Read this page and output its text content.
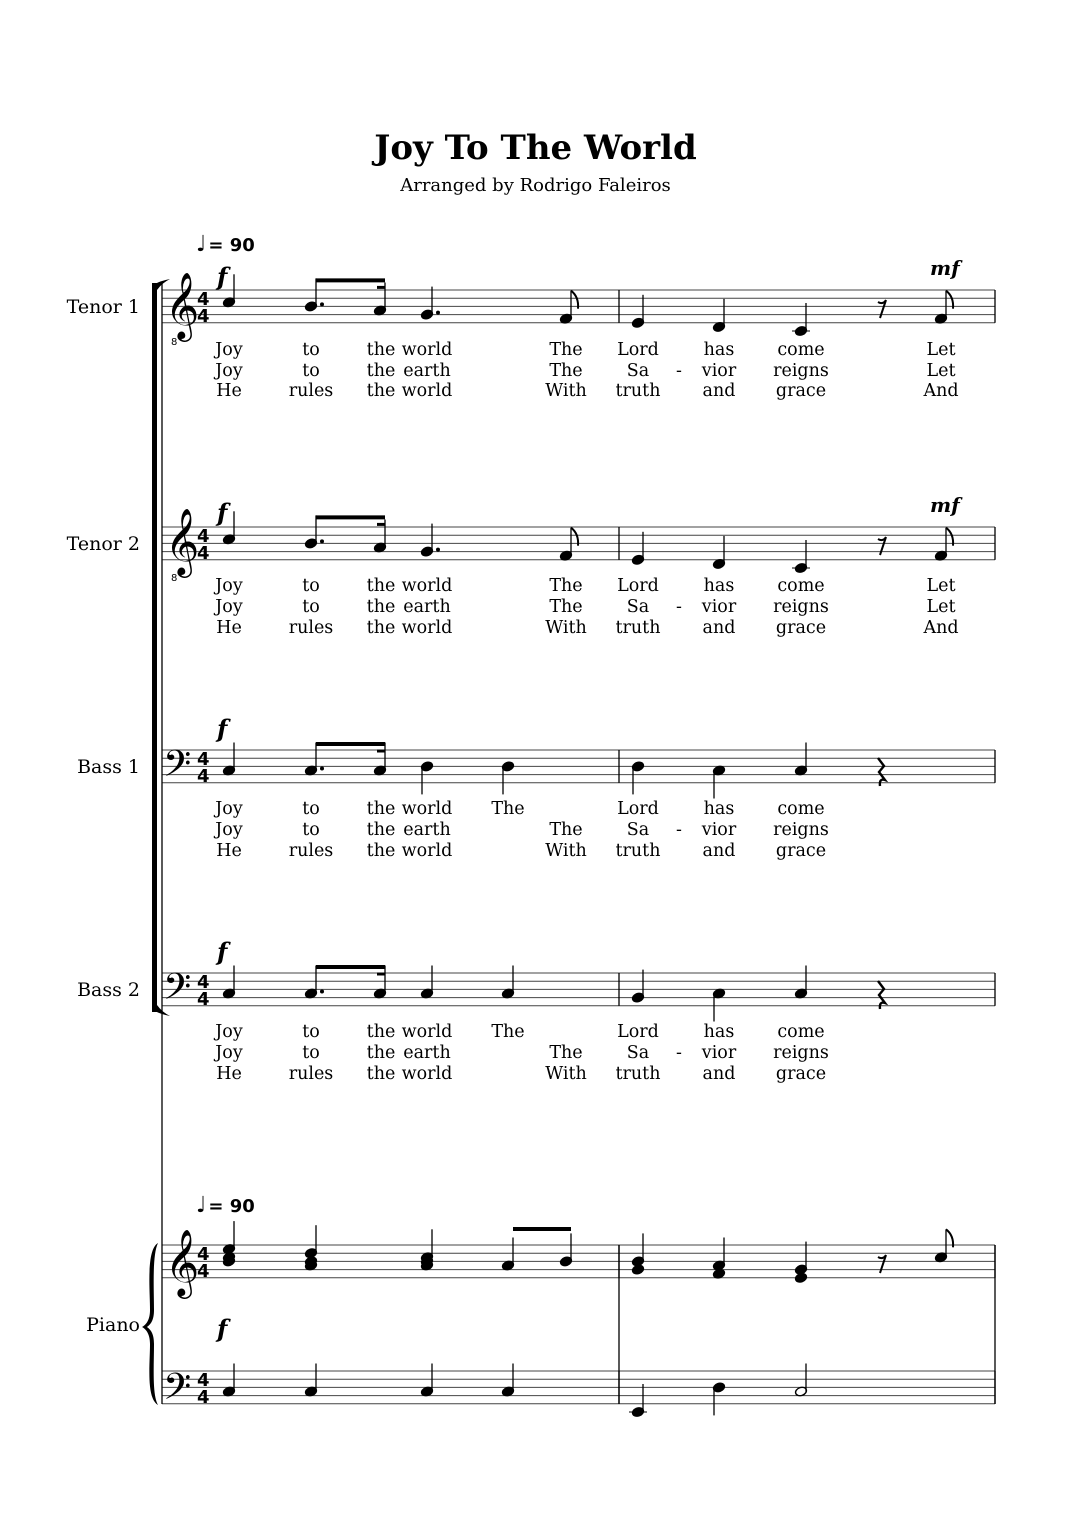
Joy To The World
Arranged by Rodrigo Faleiros
♩ = 90
♩ = 90
Tenor 1
Tenor 2
Bass 1
Bass 2
Piano
f	mf
f	mf
f
f
f
Joy	to	the world	The Lord	has come	Let
Joy	to	the earth	The	Sa - vior reigns	Let
He	rules the world	With truth and grace	And
Joy	to	the world	The Lord	has come	Let
Joy	to	the earth	The	Sa - vior reigns	Let
He	rules the world	With truth and grace	And
Joy	to	the world The	Lord	has come
Joy	to	the earth	The	Sa - vior reigns
He	rules the world	With truth and grace
Joy	to	the world The	Lord	has come
Joy	to	the earth	The	Sa - vior reigns
He	rules the world	With truth and grace
𝄞
8
𝄞
8
𝄢
𝄢
𝄞
𝄢
4
4
4
4
4
4
4
4
4
4
4
4
